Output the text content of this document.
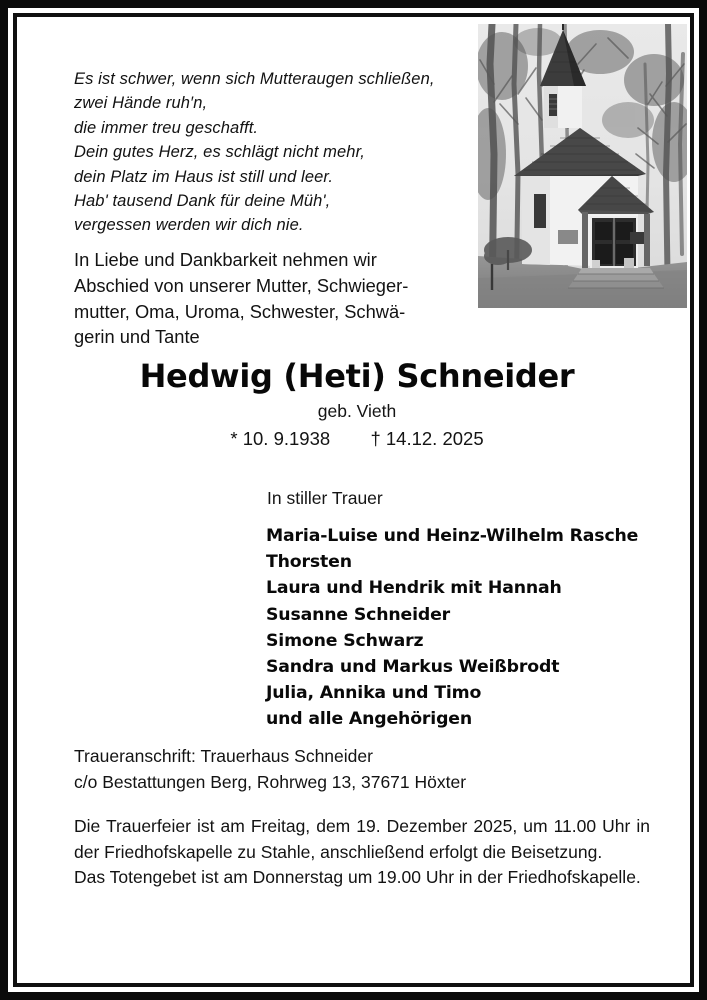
Es ist schwer, wenn sich Mutteraugen schließen,
zwei Hände ruh′n,
die immer treu geschafft.
Dein gutes Herz, es schlägt nicht mehr,
dein Platz im Haus ist still und leer.
Hab' tausend Dank für deine Müh',
vergessen werden wir dich nie.
In Liebe und Dankbarkeit nehmen wir
Abschied von unserer Mutter, Schwieger-
mutter, Oma, Uroma, Schwester, Schwä-
gerin und Tante
Hedwig (Heti) Schneider
geb. Vieth
* 10. 9.1938 † 14.12. 2025
In stiller Trauer
Maria-Luise und Heinz-Wilhelm Rasche
Thorsten
Laura und Hendrik mit Hannah
Susanne Schneider
Simone Schwarz
Sandra und Markus Weißbrodt
Julia, Annika und Timo
und alle Angehörigen
Traueranschrift: Trauerhaus Schneider
c/o Bestattungen Berg, Rohrweg 13, 37671 Höxter

Die Trauerfeier ist am Freitag, dem 19. Dezember 2025, um 11.00 Uhr in der Friedhofskapelle zu Stahle, anschließend erfolgt die Beisetzung.

Das Totengebet ist am Donnerstag um 19.00 Uhr in der Friedhofskapelle.
